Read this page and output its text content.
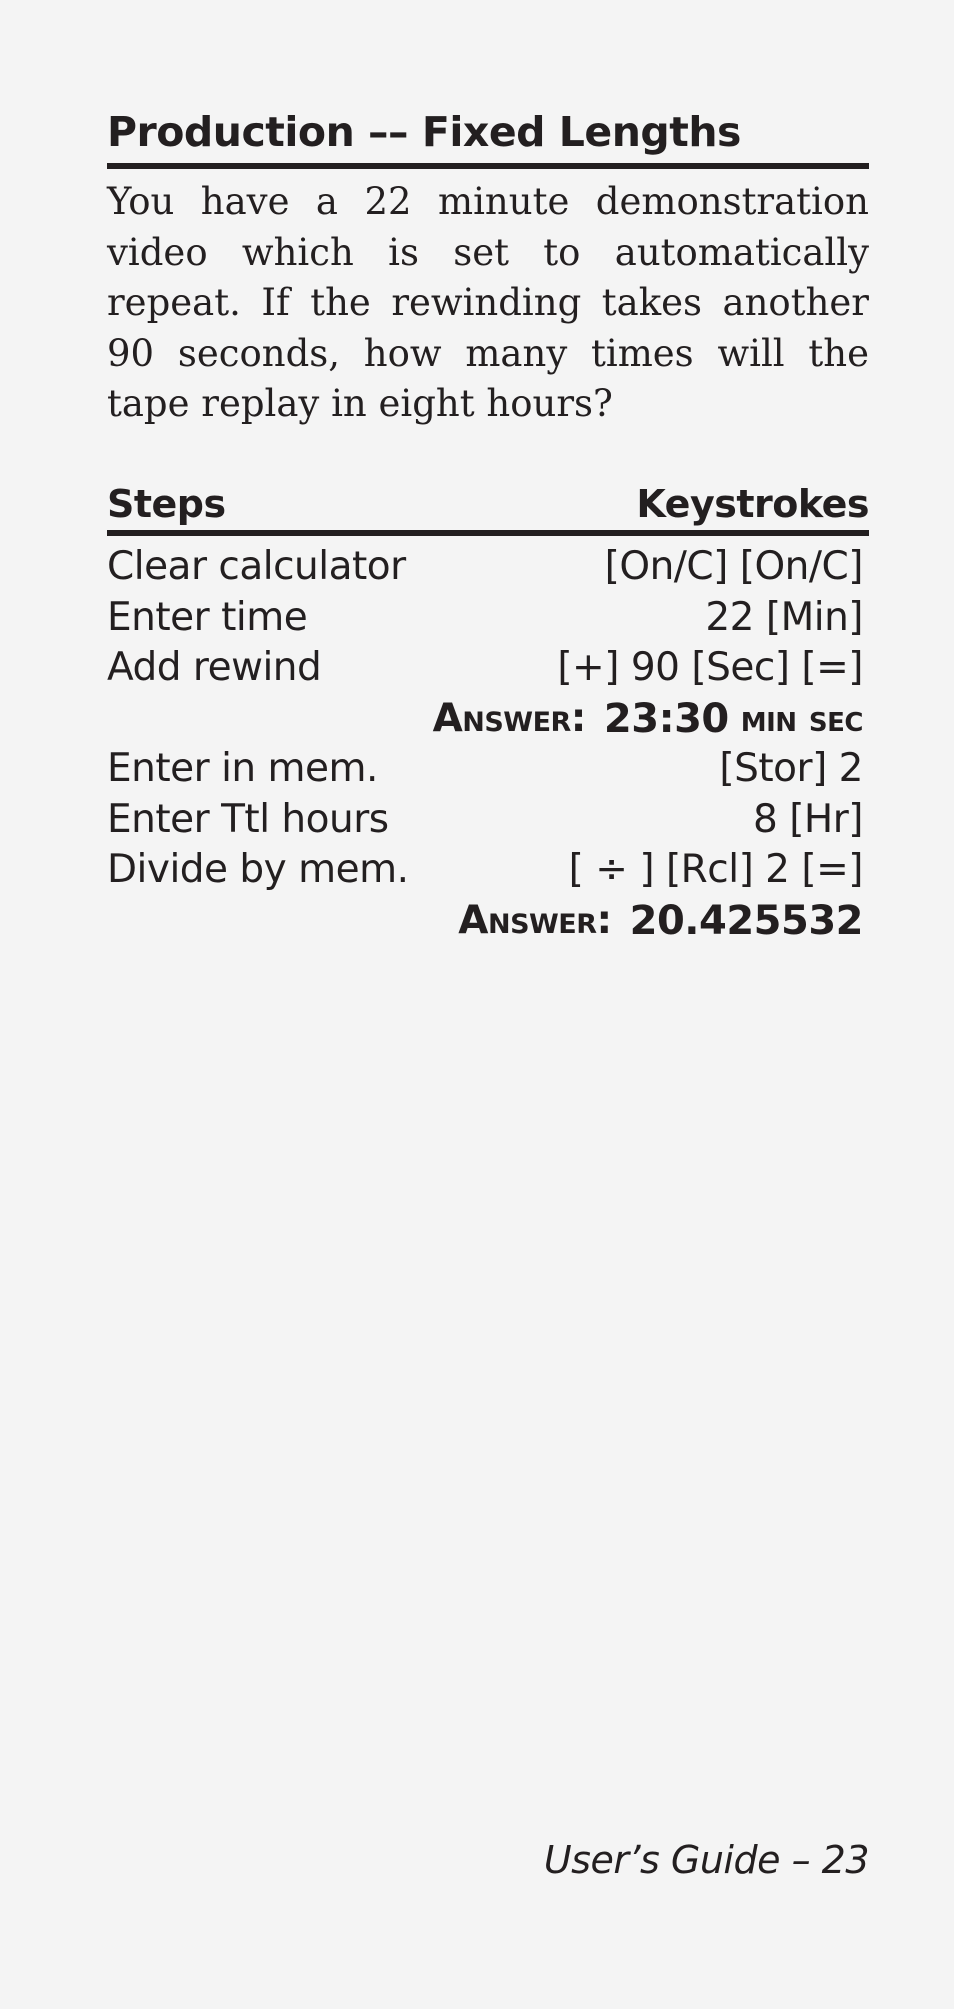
Production –– Fixed Lengths

You have a 22 minute demonstration video which is set to automatically repeat. If the rewinding takes another 90 seconds, how many times will the tape replay in eight hours?

Steps	Keystrokes
Clear calculator	[On/C] [On/C]
Enter time	22 [Min]
Add rewind	[+] 90 [Sec] [=]
Answer: 23:30 min sec
Enter in mem.	[Stor] 2
Enter Ttl hours	8 [Hr]
Divide by mem.	[ ÷ ] [Rcl] 2 [=]
Answer: 20.425532
User’s Guide – 23
